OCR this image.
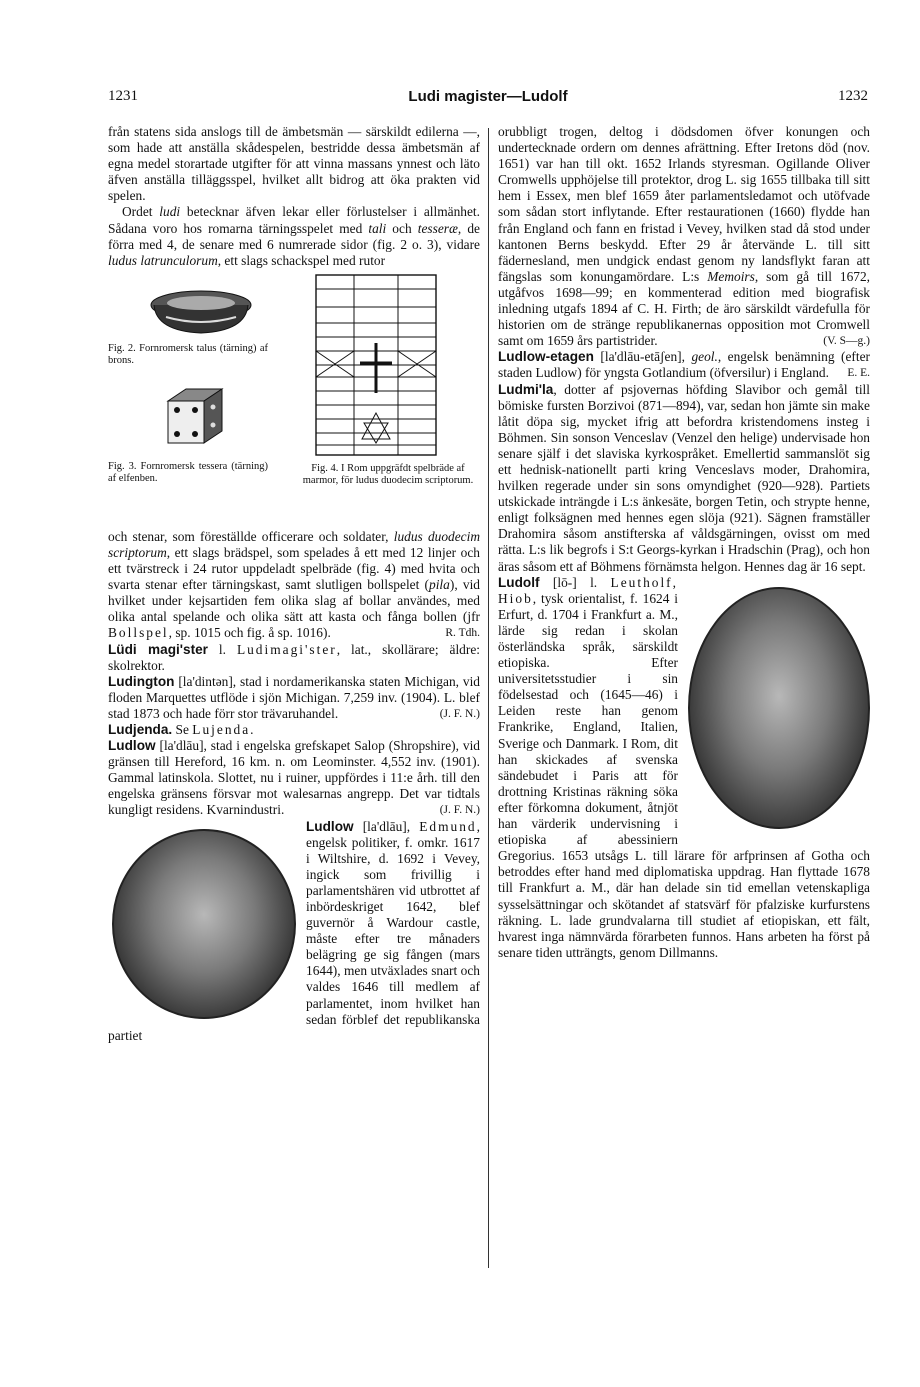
1231	Ludi magister—Ludolf	1232

från statens sida anslogs till de ämbetsmän — särskildt edilerna —, som hade att anställa skådespelen, bestridde dessa ämbetsmän af egna medel storartade utgifter för att vinna massans ynnest och läto äfven anställa tilläggsspel, hvilket allt bidrog att öka prakten vid spelen.

Ordet ludi betecknar äfven lekar eller förlustelser i allmänhet. Sådana voro hos romarna tärningsspelet med tali och tesseræ, de förra med 4, de senare med 6 numrerade sidor (fig. 2 o. 3), vidare ludus latrunculorum, ett slags schackspel med rutor

Fig. 2. Fornromersk talus (tärning) af brons.
Fig. 3. Fornromersk tessera (tärning) af elfenben.
Fig. 4. I Rom uppgräfdt spelbräde af marmor, för ludus duodecim scriptorum.

och stenar, som föreställde officerare och soldater, ludus duodecim scriptorum, ett slags brädspel, som spelades å ett med 12 linjer och ett tvärstreck i 24 rutor uppdeladt spelbräde (fig. 4) med hvita och svarta stenar efter tärningskast, samt slutligen bollspelet (pila), vid hvilket under kejsartiden fem olika slag af bollar användes, med olika antal spelande och olika sätt att kasta och fånga bollen (jfr Bollspel, sp. 1015 och fig. å sp. 1016).	R. Tdh.

Lüdi magi'ster l. Ludimagi'ster, lat., skollärare; äldre: skolrektor.

Ludington [la'dintən], stad i nordamerikanska staten Michigan, vid floden Marquettes utflöde i sjön Michigan. 7,259 inv. (1904). L. blef stad 1873 och hade förr stor trävaruhandel.	(J. F. N.)

Ludjenda. Se Lujenda.

Ludlow [la'dlāu], stad i engelska grefskapet Salop (Shropshire), vid gränsen till Hereford, 16 km. n. om Leominster. 4,552 inv. (1901). Gammal latinskola. Slottet, nu i ruiner, uppfördes i 11:e årh. till den engelska gränsens försvar mot walesarnas angrepp. Det var tidtals kungligt residens. Kvarnindustri.	(J. F. N.)

Ludlow [la'dlāu], Edmund, engelsk politiker, f. omkr. 1617 i Wiltshire, d. 1692 i Vevey, ingick som frivillig i parlamentshären vid utbrottet af inbördeskriget 1642, blef guvernör å Wardour castle, måste efter tre månaders belägring ge sig fången (mars 1644), men utväxlades snart och valdes 1646 till medlem af parlamentet, inom hvilket han sedan förblef det republikanska partiet

orubbligt trogen, deltog i dödsdomen öfver konungen och undertecknade ordern om dennes afrättning. Efter Iretons död (nov. 1651) var han till okt. 1652 Irlands styresman. Ogillande Oliver Cromwells upphöjelse till protektor, drog L. sig 1655 tillbaka till sitt hem i Essex, men blef 1659 åter parlamentsledamot och utöfvade som sådan stort inflytande. Efter restaurationen (1660) flydde han från England och fann en fristad i Vevey, hvilken stad då stod under kantonen Berns beskydd. Efter 29 år återvände L. till sitt fädernesland, men undgick endast genom ny landsflykt faran att fängslas som konungamördare. L:s Memoirs, som gå till 1672, utgåfvos 1698—99; en kommenterad edition med biografisk inledning utgafs 1894 af C. H. Firth; de äro särskildt värdefulla för historien om de stränge republikanernas opposition mot Cromwell samt om 1659 års partistrider.	(V. S—g.)

Ludlow-etagen [la'dlāu-etāʃen], geol., engelsk benämning (efter staden Ludlow) för yngsta Gotlandium (öfversilur) i England. E. E.

Ludmi'la, dotter af psjovernas höfding Slavibor och gemål till bömiske fursten Borzivoi (871—894), var, sedan hon jämte sin make låtit döpa sig, mycket ifrig att befordra kristendomens insteg i Böhmen. Sin sonson Venceslav (Venzel den helige) undervisade hon senare själf i det slaviska kyrkospråket. Emellertid sammanslöt sig ett hednisk-nationellt parti kring Venceslavs moder, Drahomira, hvilken regerade under sin sons omyndighet (920—928). Partiets utskickade inträngde i L:s änkesäte, borgen Tetin, och strypte henne, enligt folksägnen med hennes egen slöja (921). Sägnen framställer Drahomira såsom anstifterska af våldsgärningen, ovisst om med rätta. L:s lik begrofs i S:t Georgs-kyrkan i Hradschin (Prag), och hon äras såsom ett af Böhmens förnämsta helgon. Hennes dag är 16 sept.

Ludolf [lō-] l. Leutholf, Hiob, tysk orientalist, f. 1624 i Erfurt, d. 1704 i Frankfurt a. M., lärde sig redan i skolan österländska språk, särskildt etiopiska. Efter universitetsstudier i sin födelsestad och (1645—46) i Leiden reste han genom Frankrike, England, Italien, Sverige och Danmark. I Rom, dit han skickades af svenska sändebudet i Paris att för drottning Kristinas räkning söka efter förkomna dokument, åtnjöt han värderik undervisning i etiopiska af abessiniern Gregorius. 1653 utsågs L. till lärare för arfprinsen af Gotha och betroddes efter hand med diplomatiska uppdrag. Han flyttade 1678 till Frankfurt a. M., där han delade sin tid emellan vetenskapliga sysselsättningar och skötandet af statsvärf för pfalziske kurfurstens räkning. L. lade grundvalarna till studiet af etiopiskan, ett fält, hvarest inga nämnvärda förarbeten funnos. Hans arbeten ha först på senare tiden utträngts, genom Dillmanns.
